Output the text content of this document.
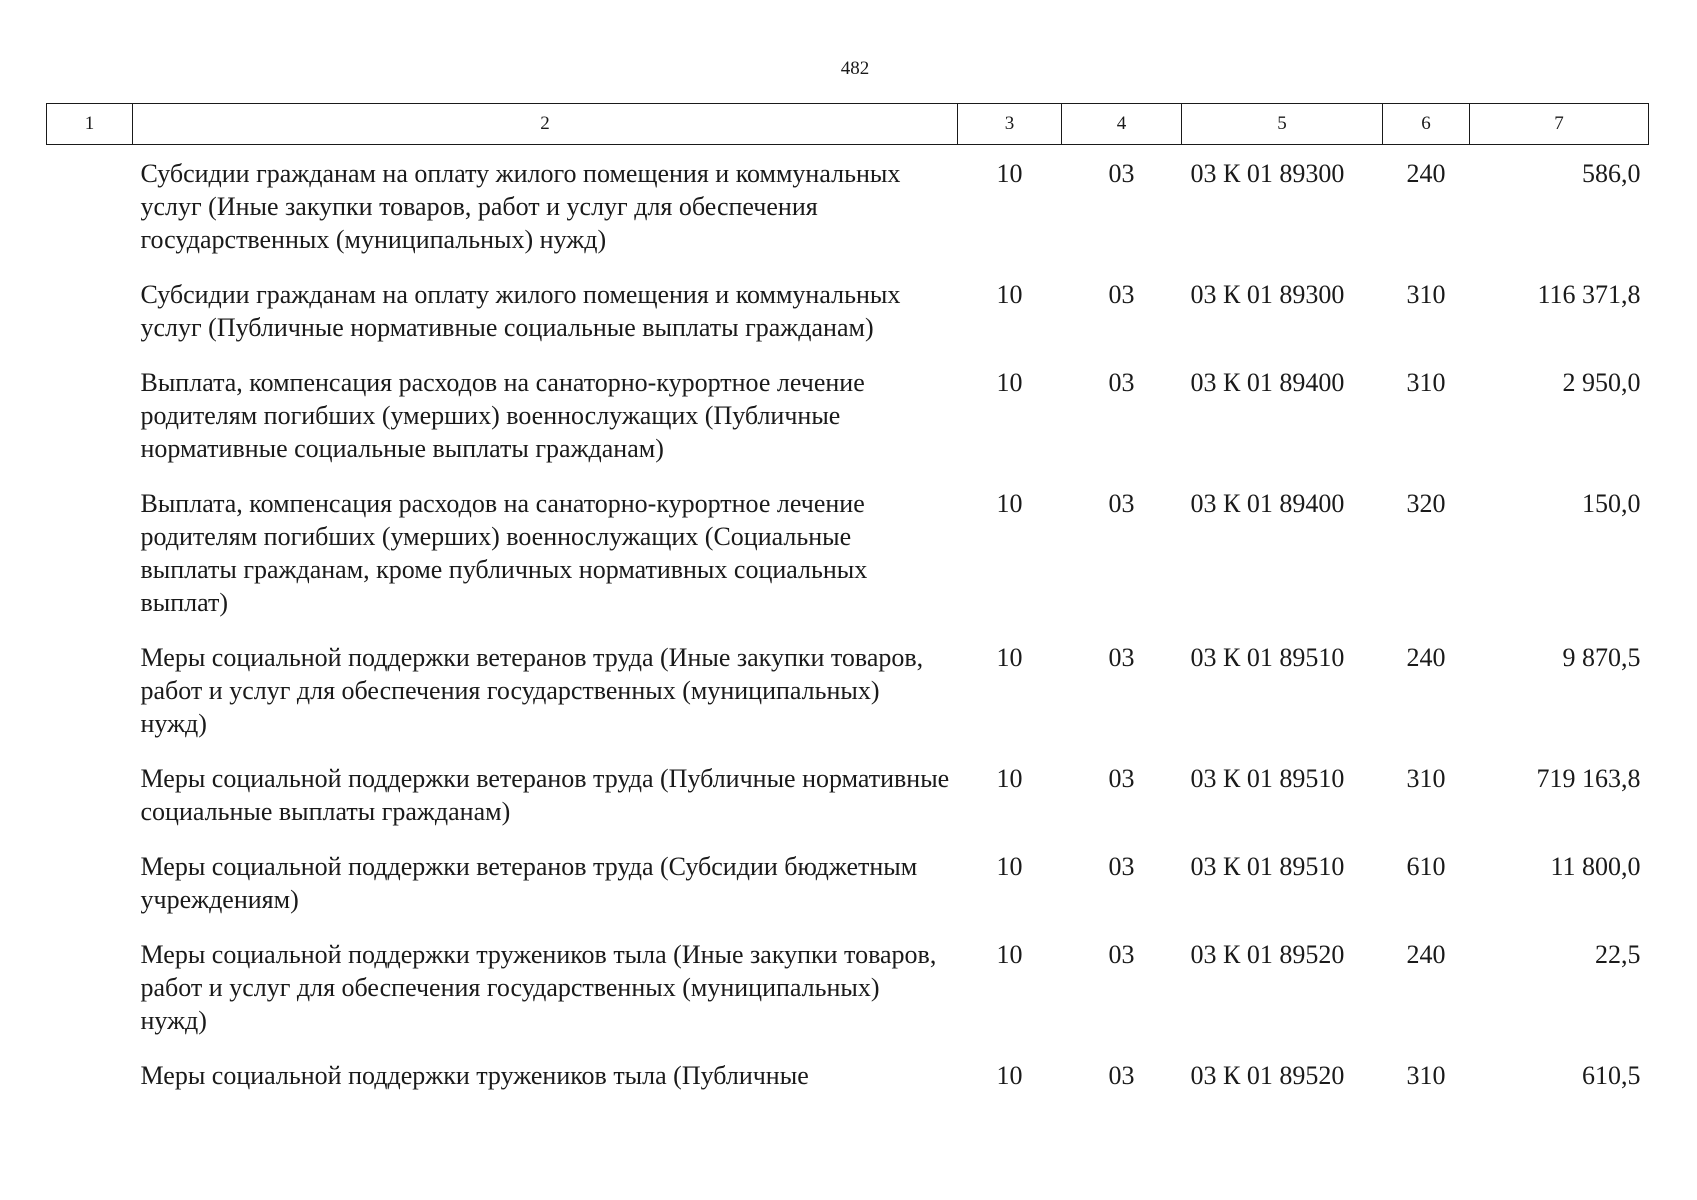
482
1	2	3	4	5	6	7
	Субсидии гражданам на оплату жилого помещения и коммунальных услуг (Иные закупки товаров, работ и услуг для обеспечения государственных (муниципальных) нужд)	10	03	03 К 01 89300	240	586,0
	Субсидии гражданам на оплату жилого помещения и коммунальных услуг (Публичные нормативные социальные выплаты гражданам)	10	03	03 К 01 89300	310	116 371,8
	Выплата, компенсация расходов на санаторно-курортное лечение родителям погибших (умерших) военнослужащих (Публичные нормативные социальные выплаты гражданам)	10	03	03 К 01 89400	310	2 950,0
	Выплата, компенсация расходов на санаторно-курортное лечение родителям погибших (умерших) военнослужащих (Социальные выплаты гражданам, кроме публичных нормативных социальных выплат)	10	03	03 К 01 89400	320	150,0
	Меры социальной поддержки ветеранов труда (Иные закупки товаров, работ и услуг для обеспечения государственных (муниципальных) нужд)	10	03	03 К 01 89510	240	9 870,5
	Меры социальной поддержки ветеранов труда (Публичные нормативные социальные выплаты гражданам)	10	03	03 К 01 89510	310	719 163,8
	Меры социальной поддержки ветеранов труда (Субсидии бюджетным учреждениям)	10	03	03 К 01 89510	610	11 800,0
	Меры социальной поддержки тружеников тыла (Иные закупки товаров, работ и услуг для обеспечения государственных (муниципальных) нужд)	10	03	03 К 01 89520	240	22,5
	Меры социальной поддержки тружеников тыла (Публичные	10	03	03 К 01 89520	310	610,5
